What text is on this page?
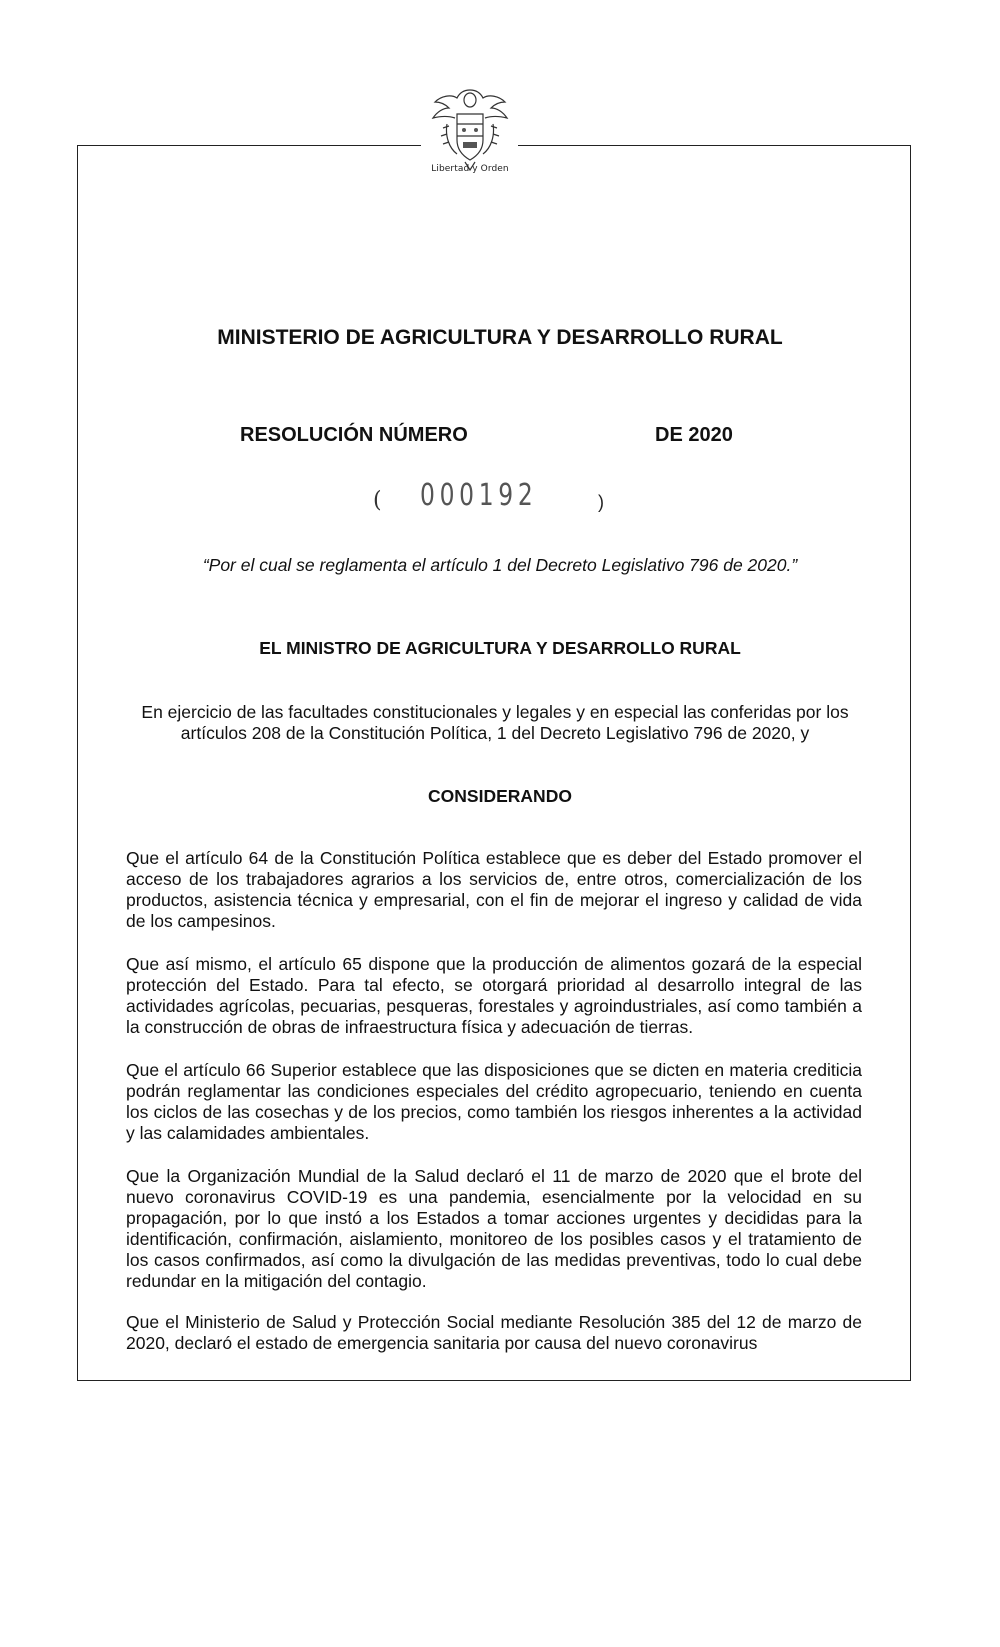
Libertad y Orden
MINISTERIO DE AGRICULTURA Y DESARROLLO RURAL
RESOLUCIÓN NÚMERO	DE 2020
( 000192	)
“Por el cual se reglamenta el artículo 1 del Decreto Legislativo 796 de 2020.”
EL MINISTRO DE AGRICULTURA Y DESARROLLO RURAL
En ejercicio de las facultades constitucionales y legales y en especial las conferidas por los artículos 208 de la Constitución Política, 1 del Decreto Legislativo 796 de 2020, y
CONSIDERANDO
Que el artículo 64 de la Constitución Política establece que es deber del Estado promover el acceso de los trabajadores agrarios a los servicios de, entre otros, comercialización de los productos, asistencia técnica y empresarial, con el fin de mejorar el ingreso y calidad de vida de los campesinos.
Que así mismo, el artículo 65 dispone que la producción de alimentos gozará de la especial protección del Estado. Para tal efecto, se otorgará prioridad al desarrollo integral de las actividades agrícolas, pecuarias, pesqueras, forestales y agroindustriales, así como también a la construcción de obras de infraestructura física y adecuación de tierras.
Que el artículo 66 Superior establece que las disposiciones que se dicten en materia crediticia podrán reglamentar las condiciones especiales del crédito agropecuario, teniendo en cuenta los ciclos de las cosechas y de los precios, como también los riesgos inherentes a la actividad y las calamidades ambientales.
Que la Organización Mundial de la Salud declaró el 11 de marzo de 2020 que el brote del nuevo coronavirus COVID-19 es una pandemia, esencialmente por la velocidad en su propagación, por lo que instó a los Estados a tomar acciones urgentes y decididas para la identificación, confirmación, aislamiento, monitoreo de los posibles casos y el tratamiento de los casos confirmados, así como la divulgación de las medidas preventivas, todo lo cual debe redundar en la mitigación del contagio.
Que el Ministerio de Salud y Protección Social mediante Resolución 385 del 12 de marzo de 2020, declaró el estado de emergencia sanitaria por causa del nuevo coronavirus
